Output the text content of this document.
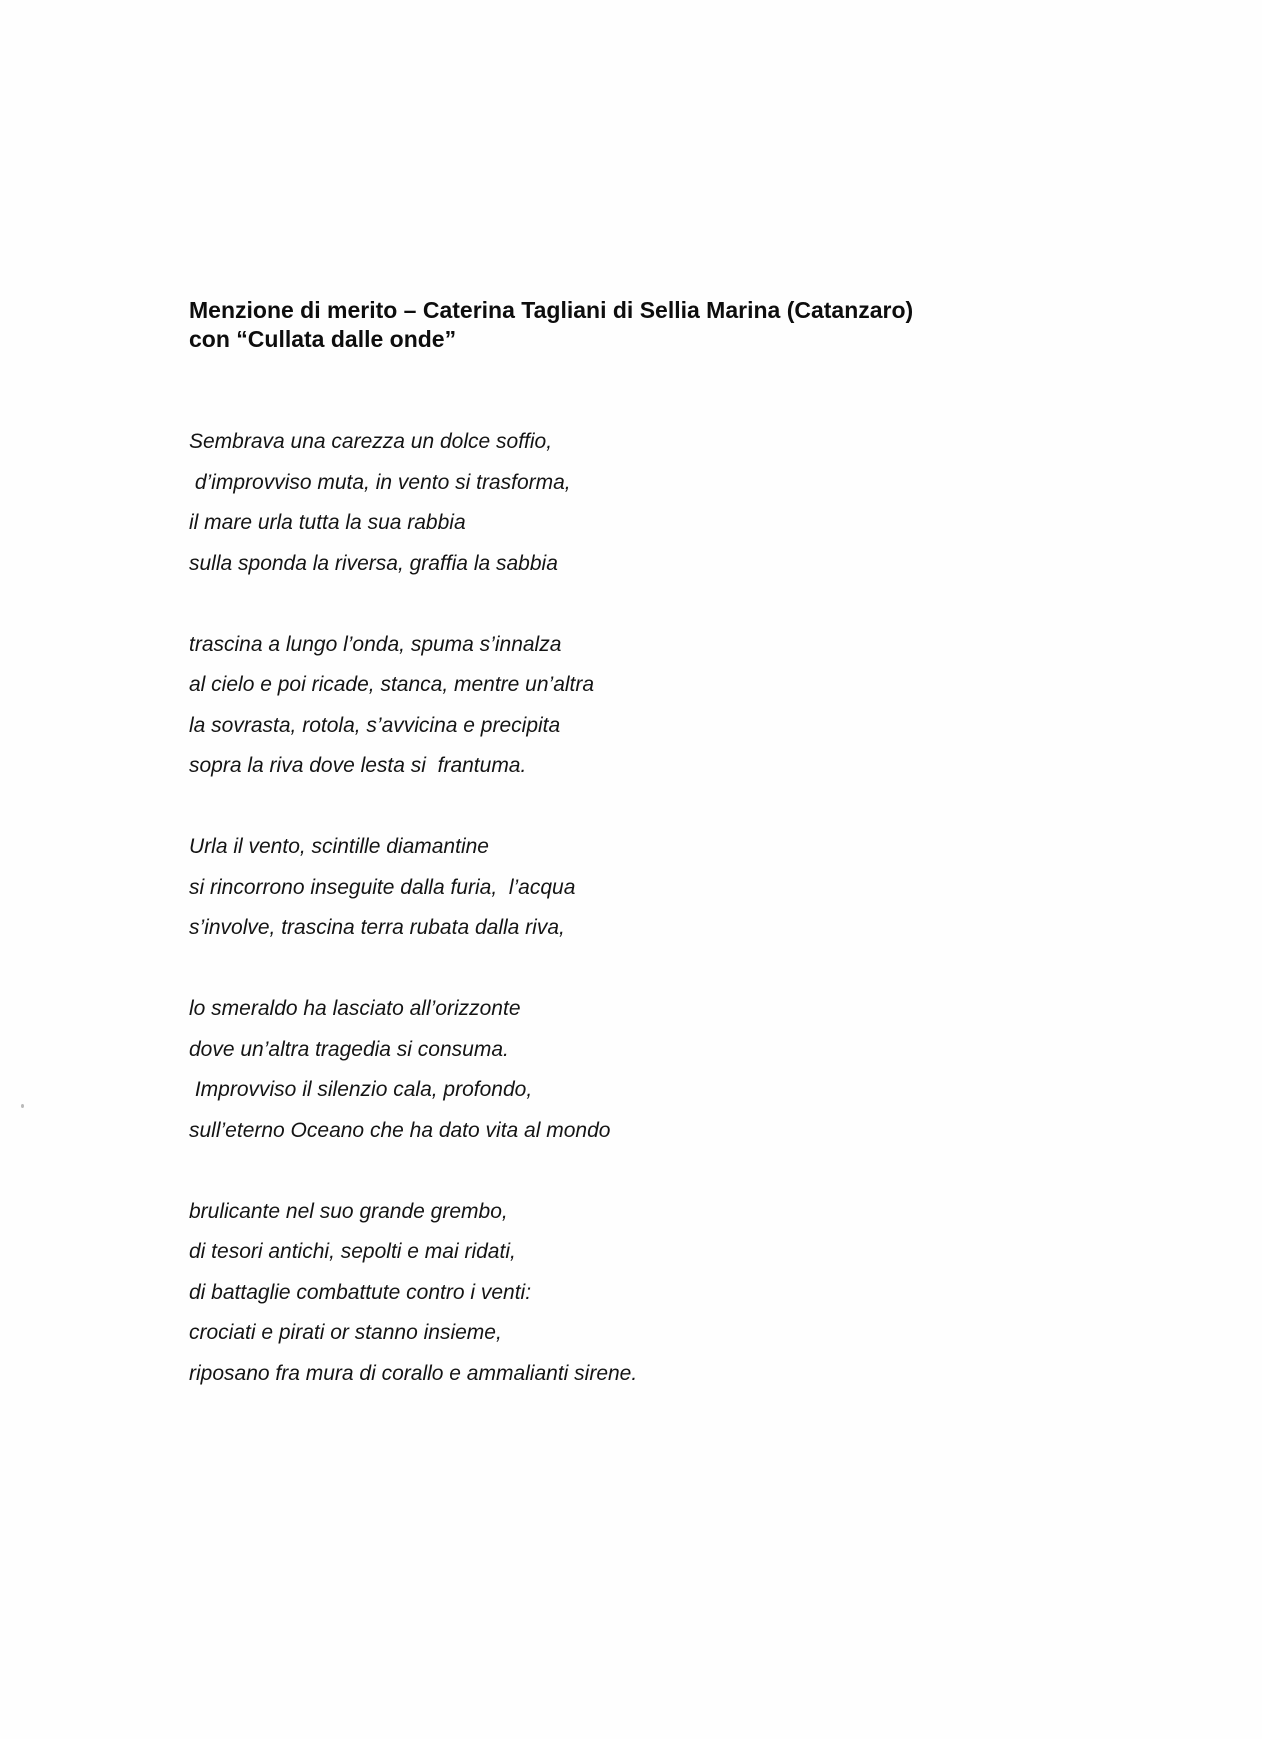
Menzione di merito – Caterina Tagliani di Sellia Marina (Catanzaro)
con “Cullata dalle onde”
Sembrava una carezza un dolce soffio,
d’improvviso muta, in vento si trasforma,
il mare urla tutta la sua rabbia
sulla sponda la riversa, graffia la sabbia
trascina a lungo l’onda, spuma s’innalza
al cielo e poi ricade, stanca, mentre un’altra
la sovrasta, rotola, s’avvicina e precipita
sopra la riva dove lesta si  frantuma.
Urla il vento, scintille diamantine
si rincorrono inseguite dalla furia,  l’acqua
s’involve, trascina terra rubata dalla riva,
lo smeraldo ha lasciato all’orizzonte
dove un’altra tragedia si consuma.
Improvviso il silenzio cala, profondo,
sull’eterno Oceano che ha dato vita al mondo
brulicante nel suo grande grembo,
di tesori antichi, sepolti e mai ridati,
di battaglie combattute contro i venti:
crociati e pirati or stanno insieme,
riposano fra mura di corallo e ammalianti sirene.
